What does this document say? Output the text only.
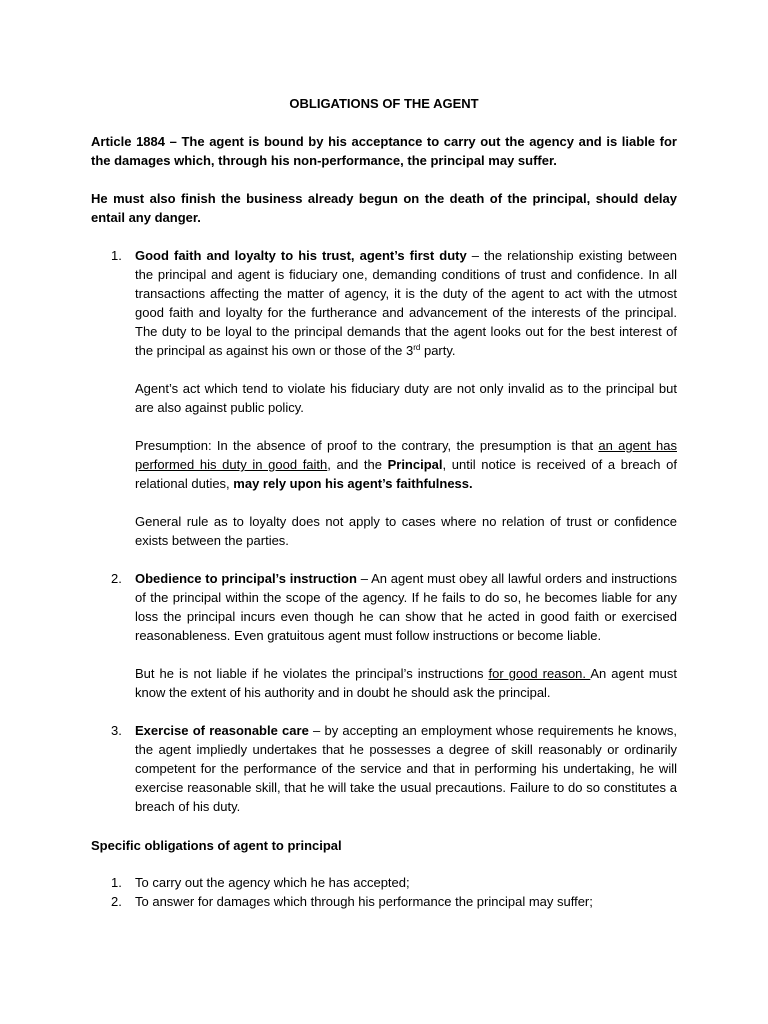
OBLIGATIONS OF THE AGENT

Article 1884 – The agent is bound by his acceptance to carry out the agency and is liable for the damages which, through his non-performance, the principal may suffer.

He must also finish the business already begun on the death of the principal, should delay entail any danger.

1. Good faith and loyalty to his trust, agent’s first duty – the relationship existing between the principal and agent is fiduciary one, demanding conditions of trust and confidence. In all transactions affecting the matter of agency, it is the duty of the agent to act with the utmost good faith and loyalty for the furtherance and advancement of the interests of the principal. The duty to be loyal to the principal demands that the agent looks out for the best interest of the principal as against his own or those of the 3rd party.

Agent’s act which tend to violate his fiduciary duty are not only invalid as to the principal but are also against public policy.

Presumption: In the absence of proof to the contrary, the presumption is that an agent has performed his duty in good faith, and the Principal, until notice is received of a breach of relational duties, may rely upon his agent’s faithfulness.

General rule as to loyalty does not apply to cases where no relation of trust or confidence exists between the parties.

2. Obedience to principal’s instruction – An agent must obey all lawful orders and instructions of the principal within the scope of the agency. If he fails to do so, he becomes liable for any loss the principal incurs even though he can show that he acted in good faith or exercised reasonableness. Even gratuitous agent must follow instructions or become liable.

But he is not liable if he violates the principal’s instructions for good reason. An agent must know the extent of his authority and in doubt he should ask the principal.

3. Exercise of reasonable care – by accepting an employment whose requirements he knows, the agent impliedly undertakes that he possesses a degree of skill reasonably or ordinarily competent for the performance of the service and that in performing his undertaking, he will exercise reasonable skill, that he will take the usual precautions. Failure to do so constitutes a breach of his duty.

Specific obligations of agent to principal

1. To carry out the agency which he has accepted;
2. To answer for damages which through his performance the principal may suffer;
